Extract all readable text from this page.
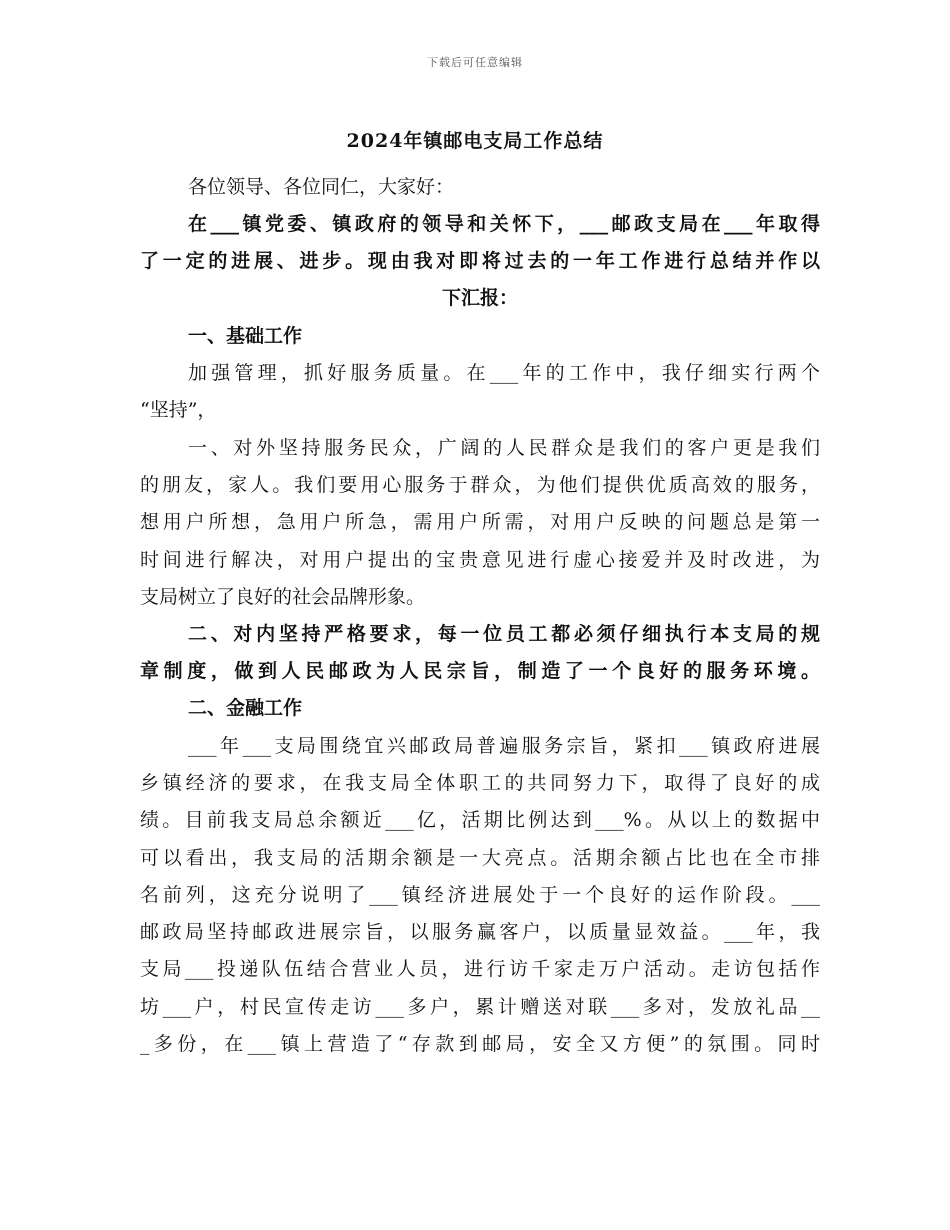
下载后可任意编辑
2024年镇邮电支局工作总结
各位领导、各位同仁，大家好：
在___镇党委、镇政府的领导和关怀下，___邮政支局在___年取得
了一定的进展、进步。现由我对即将过去的一年工作进行总结并作以
下汇报：
一、基础工作
加强管理，抓好服务质量。在___年的工作中，我仔细实行两个
“坚持”，
一、对外坚持服务民众，广阔的人民群众是我们的客户更是我们
的朋友，家人。我们要用心服务于群众，为他们提供优质高效的服务，
想用户所想，急用户所急，需用户所需，对用户反映的问题总是第一
时间进行解决，对用户提出的宝贵意见进行虚心接爱并及时改进，为
支局树立了良好的社会品牌形象。
二、对内坚持严格要求，每一位员工都必须仔细执行本支局的规
章制度，做到人民邮政为人民宗旨，制造了一个良好的服务环境。
二、金融工作
___年___支局围绕宜兴邮政局普遍服务宗旨，紧扣___镇政府进展
乡镇经济的要求，在我支局全体职工的共同努力下，取得了良好的成
绩。目前我支局总余额近___亿，活期比例达到___%。从以上的数据中
可以看出，我支局的活期余额是一大亮点。活期余额占比也在全市排
名前列，这充分说明了___镇经济进展处于一个良好的运作阶段。___
邮政局坚持邮政进展宗旨，以服务赢客户，以质量显效益。___年，我
支局___投递队伍结合营业人员，进行访千家走万户活动。走访包括作
坊___户，村民宣传走访___多户，累计赠送对联___多对，发放礼品__
_多份，在___镇上营造了“存款到邮局，安全又方便”的氛围。同时
